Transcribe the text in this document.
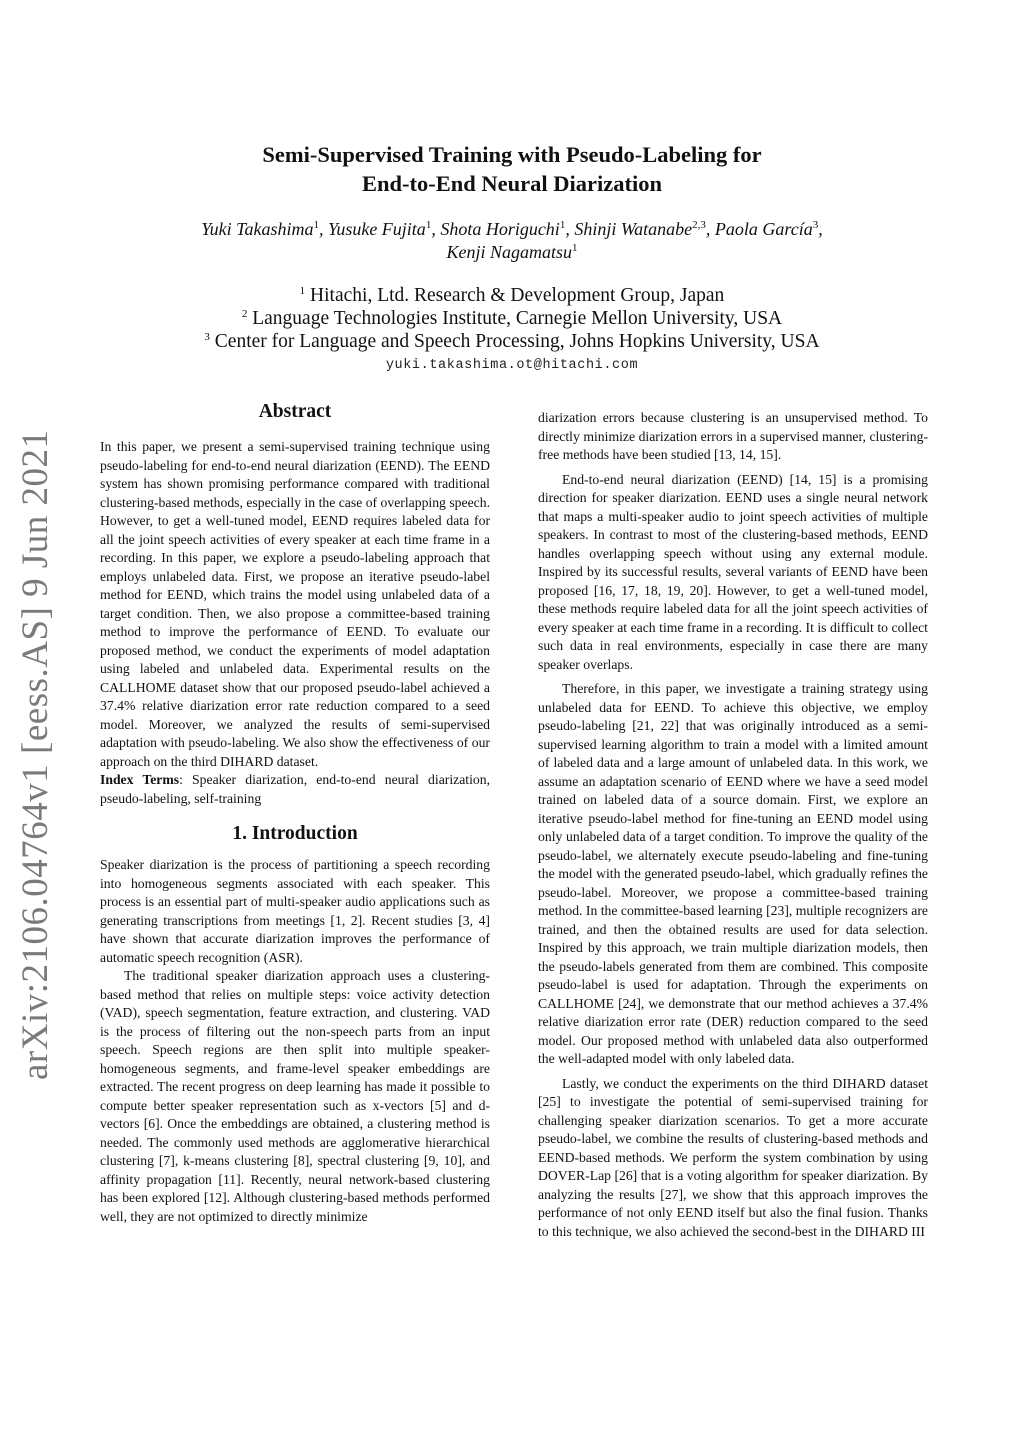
arXiv:2106.04764v1 [eess.AS] 9 Jun 2021
Semi-Supervised Training with Pseudo-Labeling for
End-to-End Neural Diarization
Yuki Takashima$^1$, Yusuke Fujita$^1$, Shota Horiguchi$^1$, Shinji Watanabe$^{2,3}$, Paola García$^3$,
Kenji Nagamatsu$^1$
$^1$ Hitachi, Ltd. Research & Development Group, Japan
$^2$ Language Technologies Institute, Carnegie Mellon University, USA
$^3$ Center for Language and Speech Processing, Johns Hopkins University, USA
yuki.takashima.ot@hitachi.com
Abstract

In this paper, we present a semi-supervised training technique using pseudo-labeling for end-to-end neural diarization (EEND). The EEND system has shown promising performance compared with traditional clustering-based methods, especially in the case of overlapping speech. However, to get a well-tuned model, EEND requires labeled data for all the joint speech activities of every speaker at each time frame in a recording. In this paper, we explore a pseudo-labeling approach that employs unlabeled data. First, we propose an iterative pseudo-label method for EEND, which trains the model using unlabeled data of a target condition. Then, we also propose a committee-based training method to improve the performance of EEND. To evaluate our proposed method, we conduct the experiments of model adaptation using labeled and unlabeled data. Experimental results on the CALLHOME dataset show that our proposed pseudo-label achieved a 37.4% relative diarization error rate reduction compared to a seed model. Moreover, we analyzed the results of semi-supervised adaptation with pseudo-labeling. We also show the effectiveness of our approach on the third DIHARD dataset.

Index Terms: Speaker diarization, end-to-end neural diarization, pseudo-labeling, self-training

1. Introduction

Speaker diarization is the process of partitioning a speech recording into homogeneous segments associated with each speaker. This process is an essential part of multi-speaker audio applications such as generating transcriptions from meetings [1, 2]. Recent studies [3, 4] have shown that accurate diarization improves the performance of automatic speech recognition (ASR).

The traditional speaker diarization approach uses a clustering-based method that relies on multiple steps: voice activity detection (VAD), speech segmentation, feature extraction, and clustering. VAD is the process of filtering out the non-speech parts from an input speech. Speech regions are then split into multiple speaker-homogeneous segments, and frame-level speaker embeddings are extracted. The recent progress on deep learning has made it possible to compute better speaker representation such as x-vectors [5] and d-vectors [6]. Once the embeddings are obtained, a clustering method is needed. The commonly used methods are agglomerative hierarchical clustering [7], k-means clustering [8], spectral clustering [9, 10], and affinity propagation [11]. Recently, neural network-based clustering has been explored [12]. Although clustering-based methods performed well, they are not optimized to directly minimize

diarization errors because clustering is an unsupervised method. To directly minimize diarization errors in a supervised manner, clustering-free methods have been studied [13, 14, 15].

End-to-end neural diarization (EEND) [14, 15] is a promising direction for speaker diarization. EEND uses a single neural network that maps a multi-speaker audio to joint speech activities of multiple speakers. In contrast to most of the clustering-based methods, EEND handles overlapping speech without using any external module. Inspired by its successful results, several variants of EEND have been proposed [16, 17, 18, 19, 20]. However, to get a well-tuned model, these methods require labeled data for all the joint speech activities of every speaker at each time frame in a recording. It is difficult to collect such data in real environments, especially in case there are many speaker overlaps.

Therefore, in this paper, we investigate a training strategy using unlabeled data for EEND. To achieve this objective, we employ pseudo-labeling [21, 22] that was originally introduced as a semi-supervised learning algorithm to train a model with a limited amount of labeled data and a large amount of unlabeled data. In this work, we assume an adaptation scenario of EEND where we have a seed model trained on labeled data of a source domain. First, we explore an iterative pseudo-label method for fine-tuning an EEND model using only unlabeled data of a target condition. To improve the quality of the pseudo-label, we alternately execute pseudo-labeling and fine-tuning the model with the generated pseudo-label, which gradually refines the pseudo-label. Moreover, we propose a committee-based training method. In the committee-based learning [23], multiple recognizers are trained, and then the obtained results are used for data selection. Inspired by this approach, we train multiple diarization models, then the pseudo-labels generated from them are combined. This composite pseudo-label is used for adaptation. Through the experiments on CALLHOME [24], we demonstrate that our method achieves a 37.4% relative diarization error rate (DER) reduction compared to the seed model. Our proposed method with unlabeled data also outperformed the well-adapted model with only labeled data.

Lastly, we conduct the experiments on the third DIHARD dataset [25] to investigate the potential of semi-supervised training for challenging speaker diarization scenarios. To get a more accurate pseudo-label, we combine the results of clustering-based methods and EEND-based methods. We perform the system combination by using DOVER-Lap [26] that is a voting algorithm for speaker diarization. By analyzing the results [27], we show that this approach improves the performance of not only EEND itself but also the final fusion. Thanks to this technique, we also achieved the second-best in the DIHARD III
